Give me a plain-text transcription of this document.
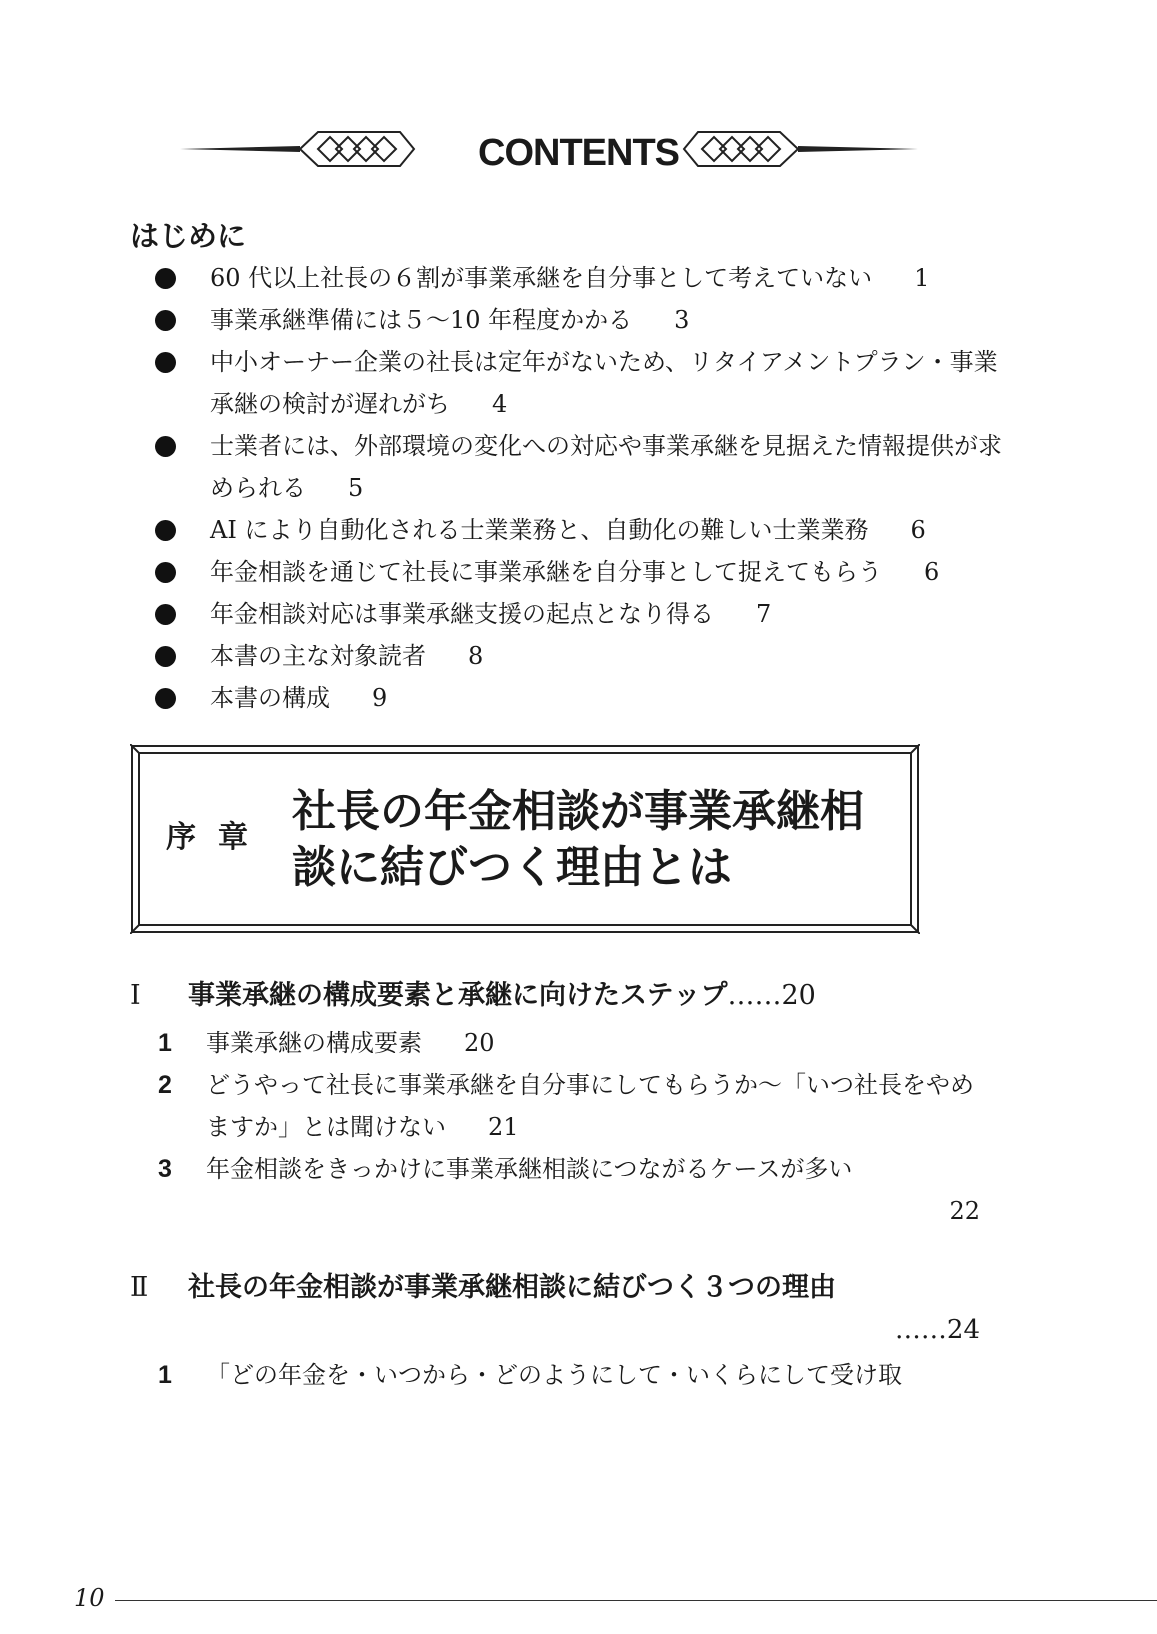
CONTENTS
はじめに
60 代以上社長の６割が事業承継を自分事として考えていない 1
事業承継準備には５～10 年程度かかる 3
中小オーナー企業の社長は定年がないため、リタイアメントプラン・事業承継の検討が遅れがち 4
士業者には、外部環境の変化への対応や事業承継を見据えた情報提供が求められる 5
AI により自動化される士業業務と、自動化の難しい士業業務 6
年金相談を通じて社長に事業承継を自分事として捉えてもらう 6
年金相談対応は事業承継支援の起点となり得る 7
本書の主な対象読者 8
本書の構成 9
序章
社長の年金相談が事業承継相
談に結びつく理由とは
Ⅰ 事業承継の構成要素と承継に向けたステップ……20
1 事業承継の構成要素 20
2 どうやって社長に事業承継を自分事にしてもらうか～「いつ社長をやめますか」とは聞けない 21
3 年金相談をきっかけに事業承継相談につながるケースが多い
22
Ⅱ 社長の年金相談が事業承継相談に結びつく３つの理由
……24
1 「どの年金を・いつから・どのようにして・いくらにして受け取
10
